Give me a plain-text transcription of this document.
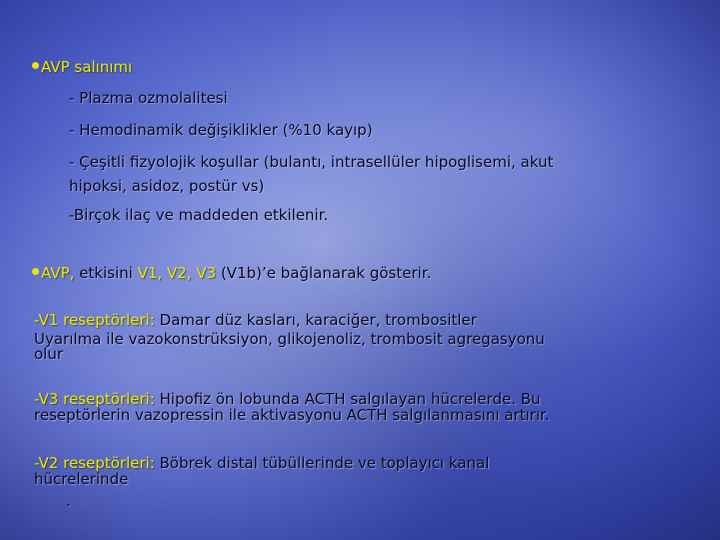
AVP salınımı

- Plazma ozmolalitesi

- Hemodinamik değişiklikler (%10 kayıp)

- Çeşitli fizyolojik koşullar (bulantı, intrasellüler hipoglisemi, akut

hipoksi, asidoz, postür vs)

-Birçok ilaç ve maddeden etkilenir.

AVP, etkisini V1, V2, V3 (V1b)’e bağlanarak gösterir.

-V1 reseptörleri: Damar düz kasları, karaciğer, trombositler

Uyarılma ile vazokonstrüksiyon, glikojenoliz, trombosit agregasyonu

olur

-V3 reseptörleri: Hipofiz ön lobunda ACTH salgılayan hücrelerde. Bu

reseptörlerin vazopressin ile aktivasyonu ACTH salgılanmasını artırır.

-V2 reseptörleri: Böbrek distal tübüllerinde ve toplayıcı kanal

hücrelerinde

.
